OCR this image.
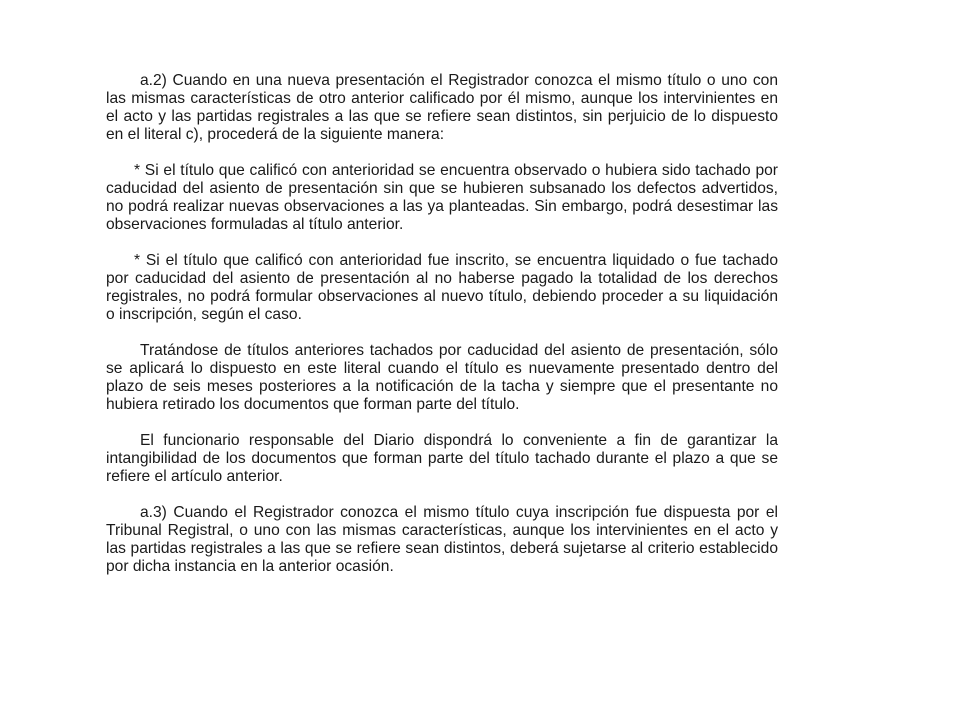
a.2) Cuando en una nueva presentación el Registrador conozca el mismo título o uno con las mismas características de otro anterior calificado por él mismo, aunque los intervinientes en el acto y las partidas registrales a las que se refiere sean distintos, sin perjuicio de lo dispuesto en el literal c), procederá de la siguiente manera:

* Si el título que calificó con anterioridad se encuentra observado o hubiera sido tachado por caducidad del asiento de presentación sin que se hubieren subsanado los defectos advertidos, no podrá realizar nuevas observaciones a las ya planteadas. Sin embargo, podrá desestimar las observaciones formuladas al título anterior.

* Si el título que calificó con anterioridad fue inscrito, se encuentra liquidado o fue tachado por caducidad del asiento de presentación al no haberse pagado la totalidad de los derechos registrales, no podrá formular observaciones al nuevo título, debiendo proceder a su liquidación o inscripción, según el caso.

Tratándose de títulos anteriores tachados por caducidad del asiento de presentación, sólo se aplicará lo dispuesto en este literal cuando el título es nuevamente presentado dentro del plazo de seis meses posteriores a la notificación de la tacha y siempre que el presentante no hubiera retirado los documentos que forman parte del título.

El funcionario responsable del Diario dispondrá lo conveniente a fin de garantizar la intangibilidad de los documentos que forman parte del título tachado durante el plazo a que se refiere el artículo anterior.

a.3) Cuando el Registrador conozca el mismo título cuya inscripción fue dispuesta por el Tribunal Registral, o uno con las mismas características, aunque los intervinientes en el acto y las partidas registrales a las que se refiere sean distintos, deberá sujetarse al criterio establecido por dicha instancia en la anterior ocasión.
